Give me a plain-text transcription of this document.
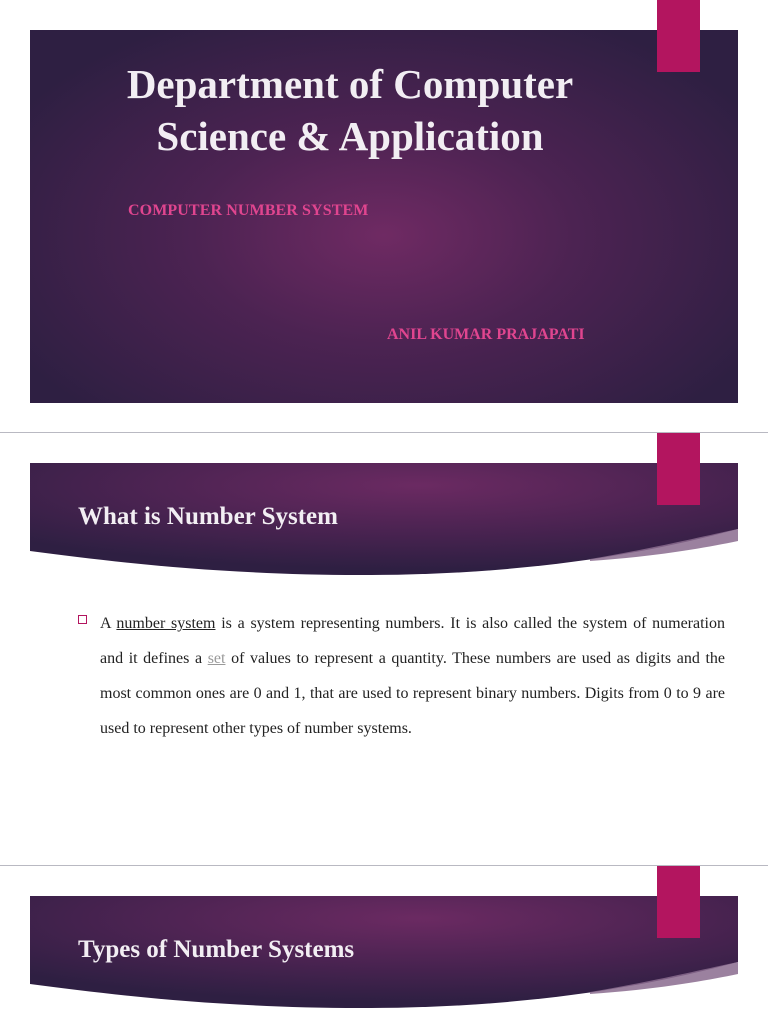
Department of Computer Science & Application
COMPUTER NUMBER SYSTEM
ANIL KUMAR PRAJAPATI
What is Number System
A number system is a system representing numbers. It is also called the system of numeration and it defines a set of values to represent a quantity. These numbers are used as digits and the most common ones are 0 and 1, that are used to represent binary numbers. Digits from 0 to 9 are used to represent other types of number systems.
Types of Number Systems
